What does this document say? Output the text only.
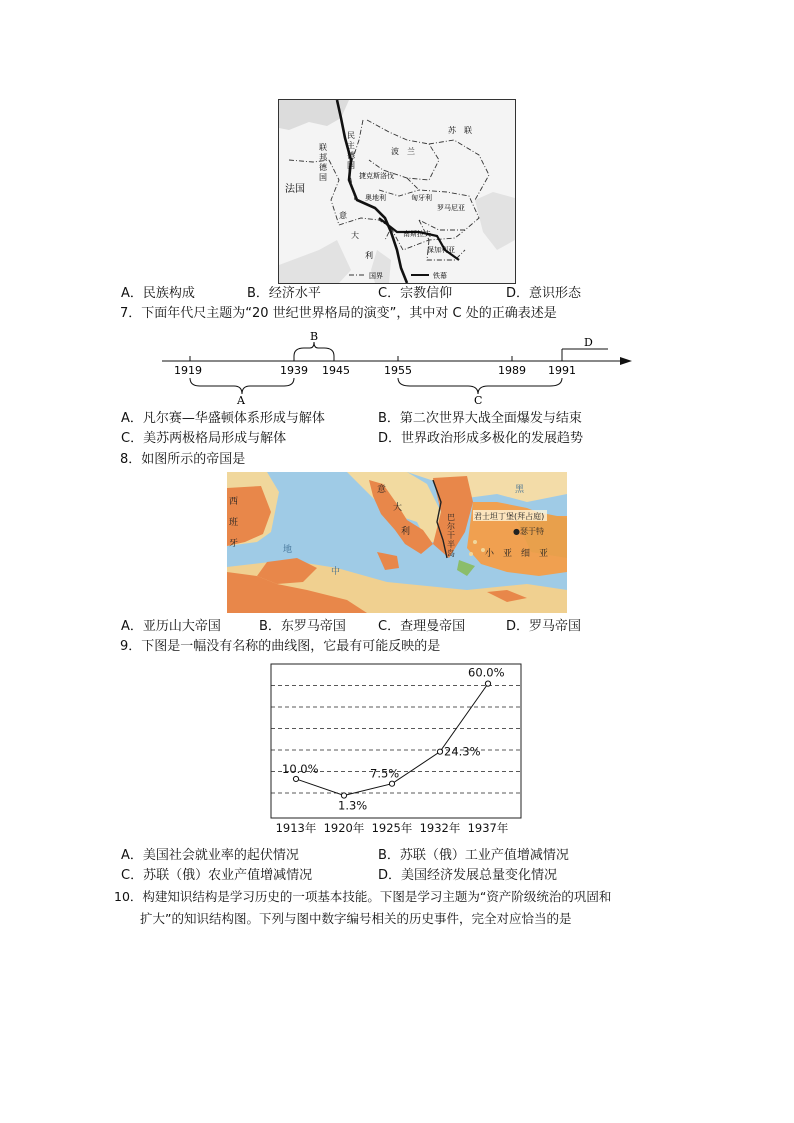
苏　联
民
主
德
国
联
邦
德
国
波　兰
捷克斯洛伐
奥地利	匈牙利
罗马尼亚
法国
意
大
利
南斯拉夫
保加利亚
国界	铁幕
A．民族构成	B．经济水平	C．宗教信仰	D．意识形态
7．下面年代尺主题为“20 世纪世界格局的演变”，其中对 C 处的正确表述是
1919	1939 1945	1955	1989 1991
B
A	C
D
A．凡尔赛—华盛顿体系形成与解体	B．第二次世界大战全面爆发与结束
C．美苏两极格局形成与解体	D．世界政治形成多极化的发展趋势
8．如图所示的帝国是
西
班
牙
意
大
利
巴
尔
干
半
岛
君士坦丁堡(拜占庭)
●瑟于特
小　亚　细　亚
地
中
黑
A．亚历山大帝国	B．东罗马帝国 C．查理曼帝国	D．罗马帝国
9．下图是一幅没有名称的曲线图，它最有可能反映的是
10.0%
1.3%
7.5%
24.3%
60.0%
1913年 1920年 1925年 1932年 1937年
A．美国社会就业率的起伏情况	B．苏联（俄）工业产值增减情况
C．苏联（俄）农业产值增减情况	D．美国经济发展总量变化情况
10．构建知识结构是学习历史的一项基本技能。下图是学习主题为“资产阶级统治的巩固和
扩大”的知识结构图。下列与图中数字编号相关的历史事件，完全对应恰当的是
